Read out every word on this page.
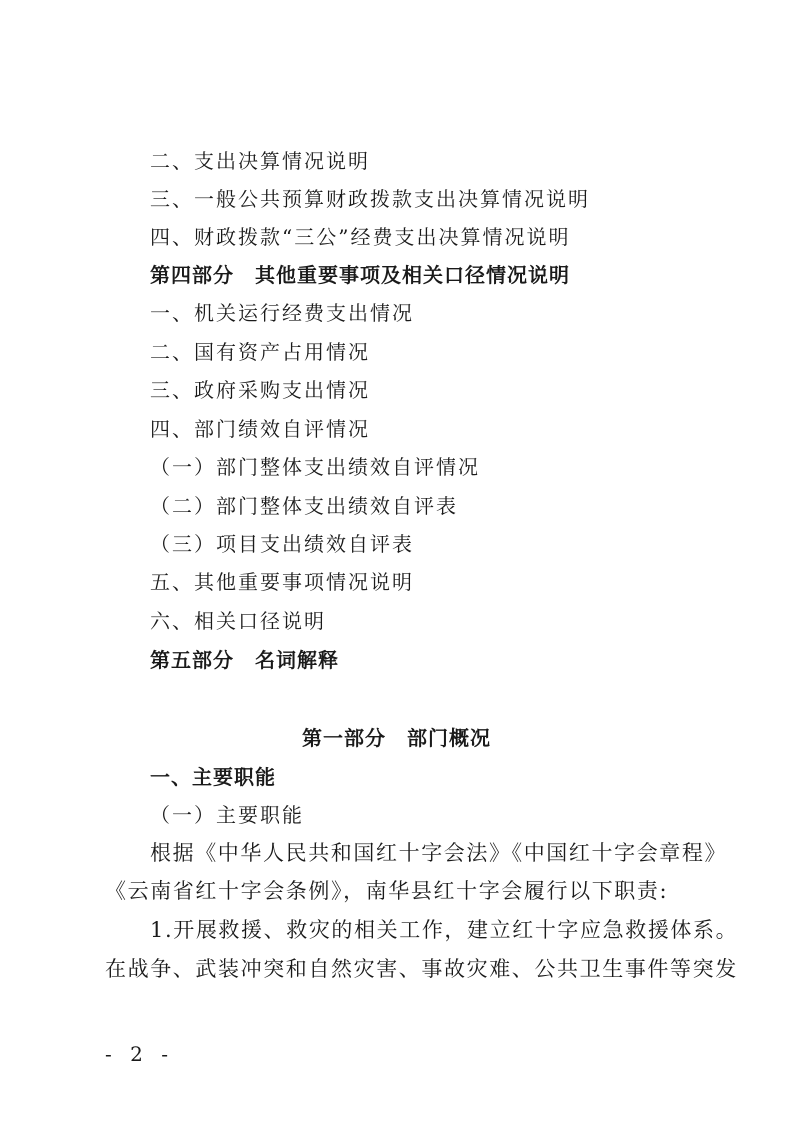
二、支出决算情况说明
三、一般公共预算财政拨款支出决算情况说明
四、财政拨款“三公”经费支出决算情况说明
第四部分　其他重要事项及相关口径情况说明
一、机关运行经费支出情况
二、国有资产占用情况
三、政府采购支出情况
四、部门绩效自评情况
（一）部门整体支出绩效自评情况
（二）部门整体支出绩效自评表
（三）项目支出绩效自评表
五、其他重要事项情况说明
六、相关口径说明
第五部分　名词解释
第一部分　部门概况
一、主要职能
（一）主要职能
根据《中华人民共和国红十字会法》《中国红十字会章程》
《云南省红十字会条例》，南华县红十字会履行以下职责:
1.开展救援、救灾的相关工作，建立红十字应急救援体系。
在战争、武装冲突和自然灾害、事故灾难、公共卫生事件等突发
- 2 -
